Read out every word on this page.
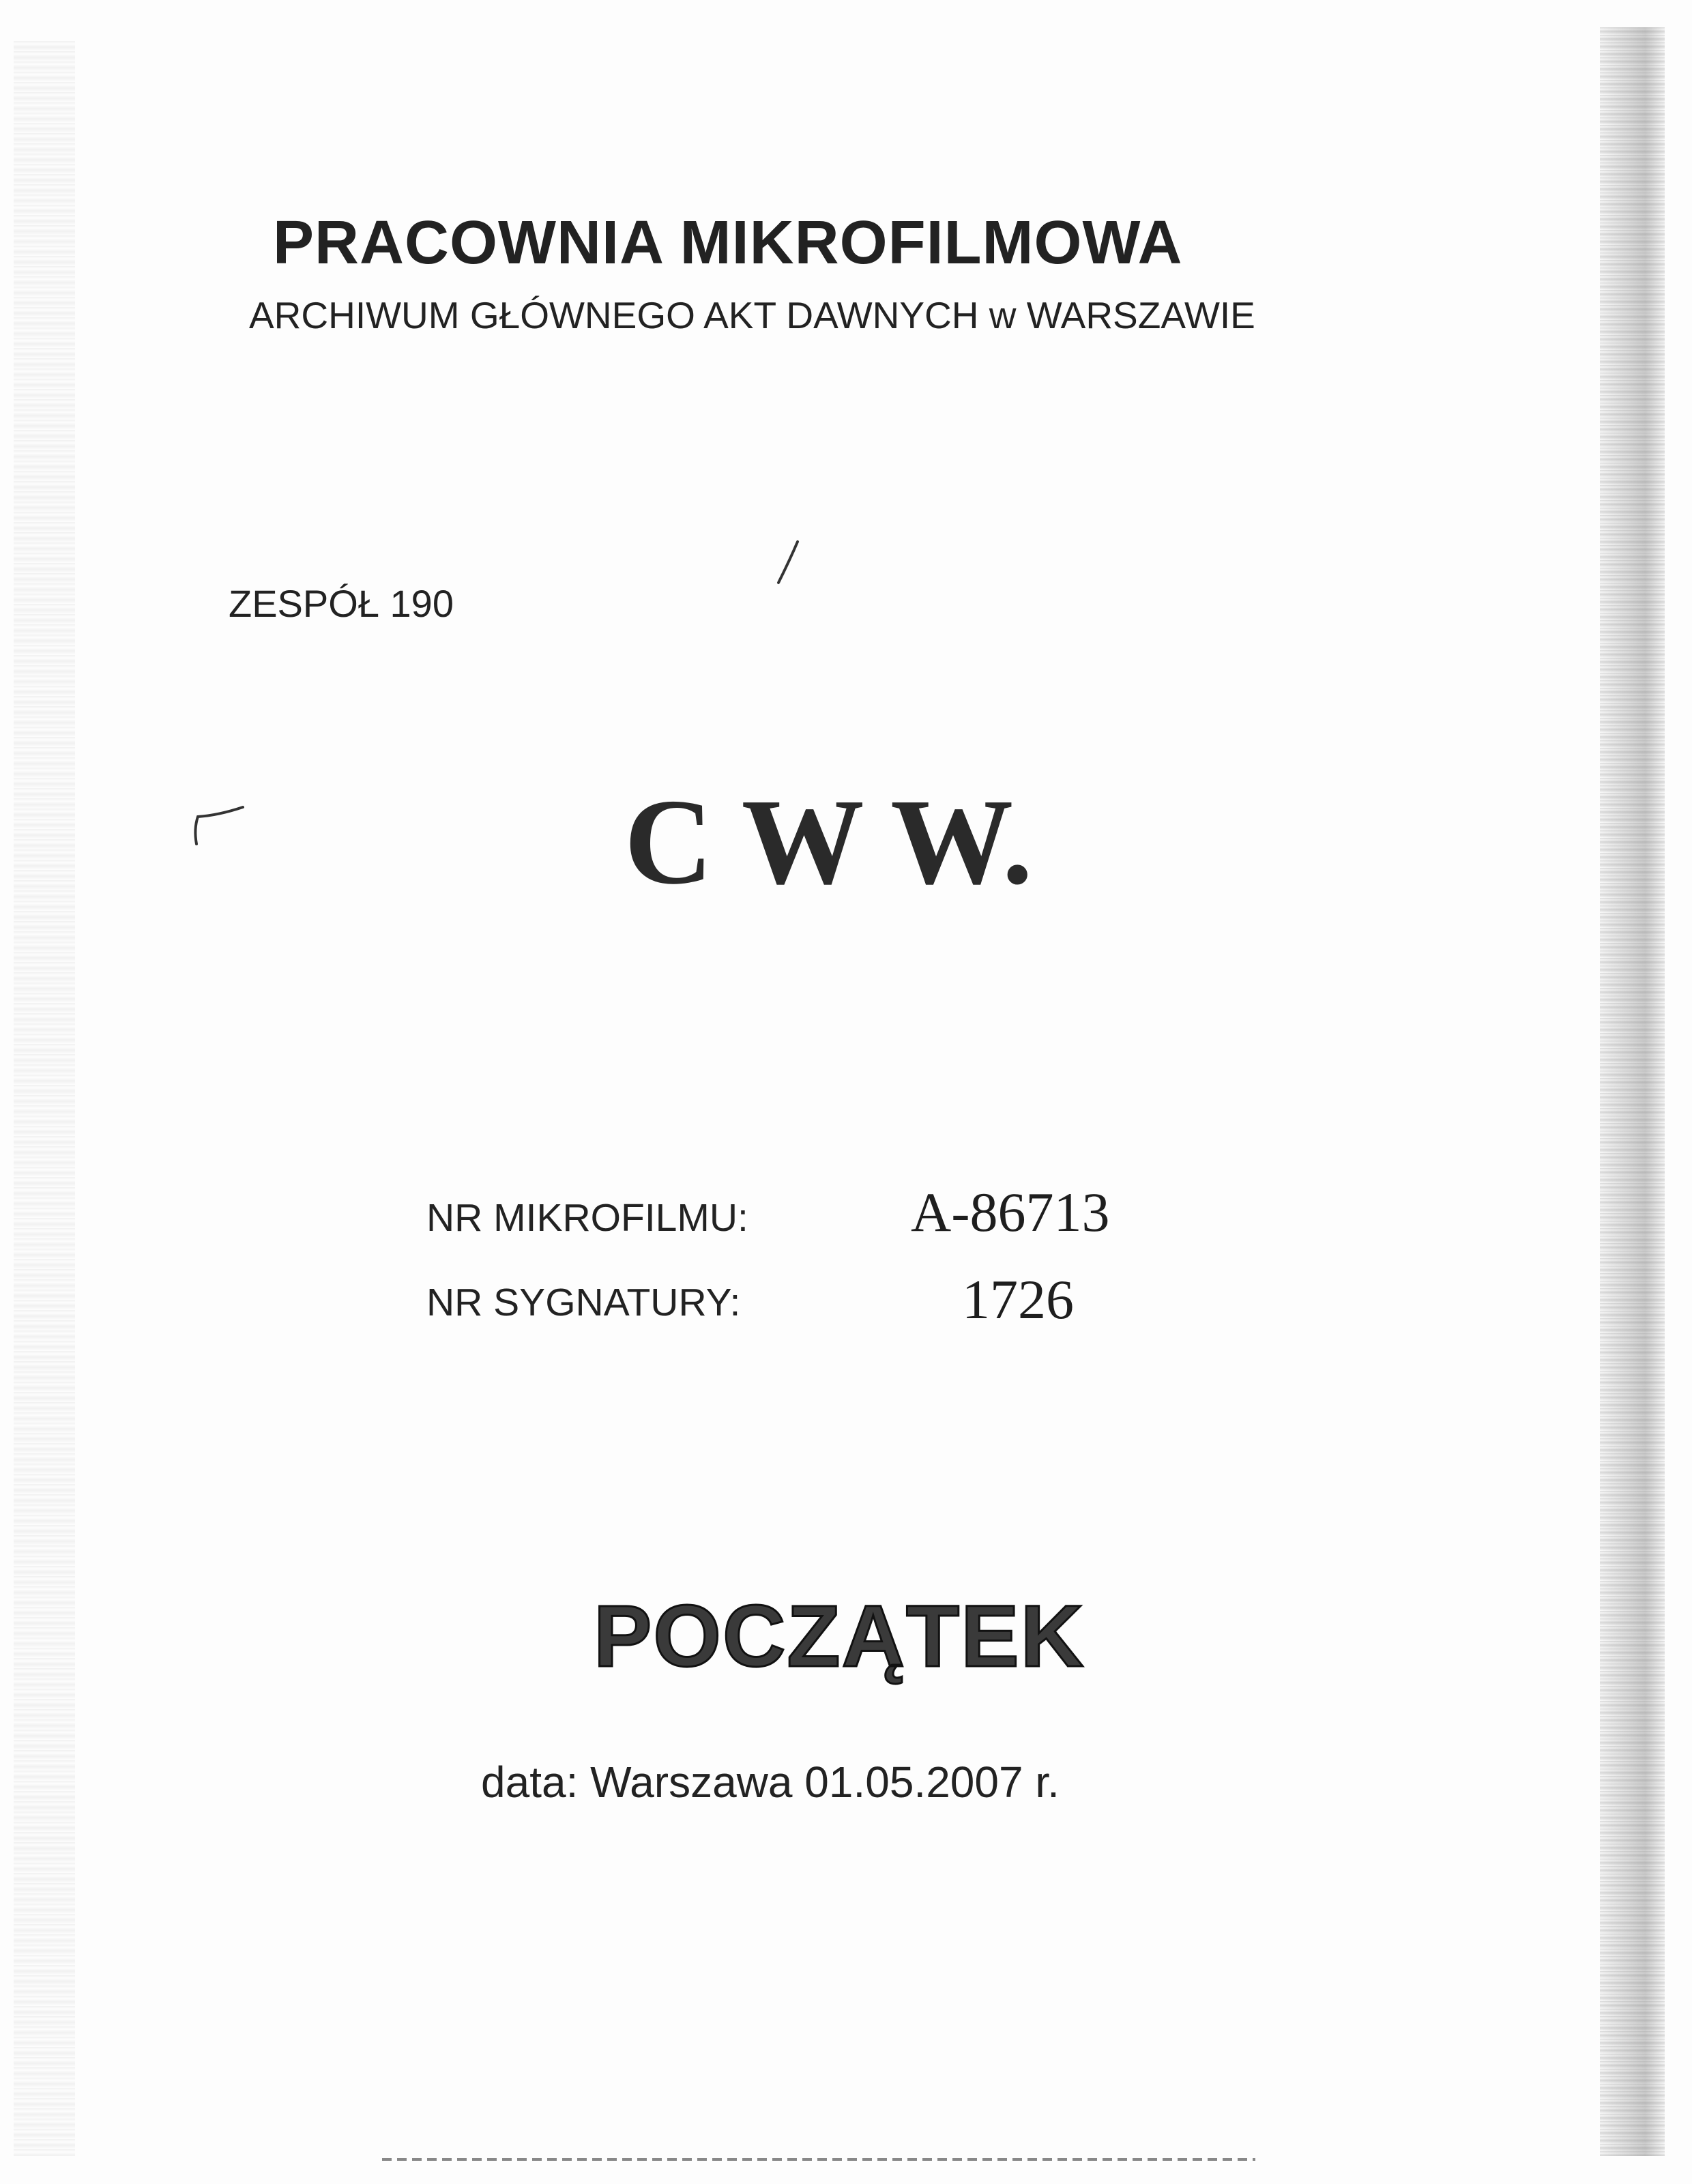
PRACOWNIA MIKROFILMOWA
ARCHIWUM GŁÓWNEGO AKT DAWNYCH w WARSZAWIE
ZESPÓŁ 190
C W W.
NR MIKROFILMU:	A-86713
NR SYGNATURY:	1726
POCZĄTEK
data: Warszawa 01.05.2007 r.
